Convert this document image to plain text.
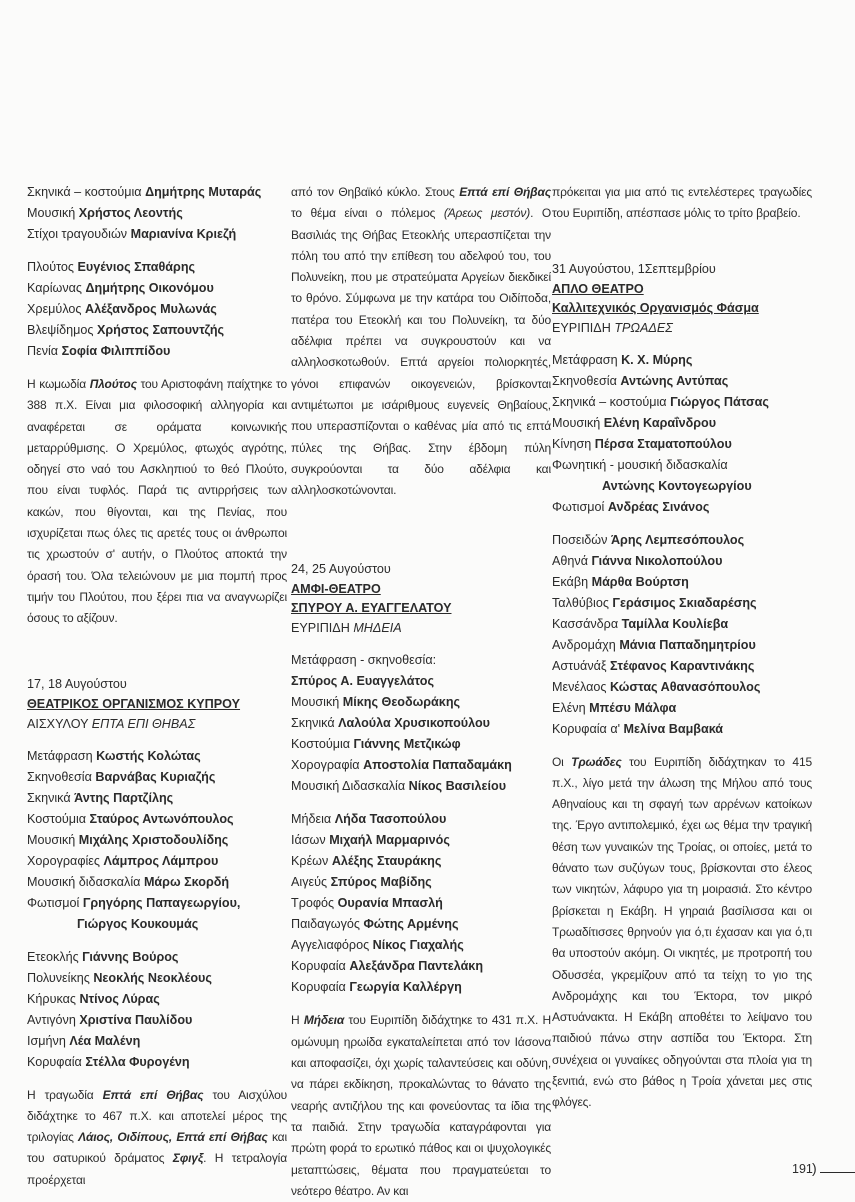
Σκηνικά – κοστούμια Δημήτρης Μυταράς
Μουσική Χρήστος Λεοντής
Στίχοι τραγουδιών Μαριανίνα Κριεζή
Πλούτος Ευγένιος Σπαθάρης
Καρίωνας Δημήτρης Οικονόμου
Χρεμύλος Αλέξανδρος Μυλωνάς
Βλεψίδημος Χρήστος Σαπουντζής
Πενία Σοφία Φιλιππίδου

Η κωμωδία Πλούτος του Αριστοφάνη παίχτηκε το 388 π.Χ. Είναι μια φιλοσοφική αλληγορία και αναφέρεται σε οράματα κοινωνικής μεταρρύθμισης. Ο Χρεμύλος, φτωχός αγρότης, οδηγεί στο ναό του Ασκληπιού το θεό Πλούτο, που είναι τυφλός. Παρά τις αντιρρήσεις των κακών, που θίγονται, και της Πενίας, που ισχυρίζεται πως όλες τις αρετές τους οι άνθρωποι τις χρωστούν σ' αυτήν, ο Πλούτος αποκτά την όρασή του. Όλα τελειώνουν με μια πομπή προς τιμήν του Πλούτου, που ξέρει πια να αναγνωρίζει όσους το αξίζουν.

17, 18 Αυγούστου
ΘΕΑΤΡΙΚΟΣ ΟΡΓΑΝΙΣΜΟΣ ΚΥΠΡΟΥ
ΑΙΣΧΥΛΟΥ ΕΠΤΑ ΕΠΙ ΘΗΒΑΣ
Μετάφραση Κωστής Κολώτας
Σκηνοθεσία Βαρνάβας Κυριαζής
Σκηνικά Άντης Παρτζίλης
Κοστούμια Σταύρος Αντωνόπουλος
Μουσική Μιχάλης Χριστοδουλίδης
Χορογραφίες Λάμπρος Λάμπρου
Μουσική διδασκαλία Μάρω Σκορδή
Φωτισμοί Γρηγόρης Παπαγεωργίου,
Γιώργος Κουκουμάς
Ετεοκλής Γιάννης Βούρος
Πολυνείκης Νεοκλής Νεοκλέους
Κήρυκας Ντίνος Λύρας
Αντιγόνη Χριστίνα Παυλίδου
Ισμήνη Λέα Μαλένη
Κορυφαία Στέλλα Φυρογένη

Η τραγωδία Επτά επί Θήβας του Αισχύλου διδάχτηκε το 467 π.Χ. και αποτελεί μέρος της τριλογίας Λάιος, Οιδίπους, Επτά επί Θήβας και του σατυρικού δράματος Σφιγξ. Η τετραλογία προέρχεται

από τον Θηβαϊκό κύκλο. Στους Επτά επί Θήβας το θέμα είναι ο πόλεμος (Άρεως μεστόν). Ο Βασιλιάς της Θήβας Ετεοκλής υπερασπίζεται την πόλη του από την επίθεση του αδελφού του, του Πολυνείκη, που με στρατεύματα Αργείων διεκδικεί το θρόνο. Σύμφωνα με την κατάρα του Οιδίποδα, πατέρα του Ετεοκλή και του Πολυνείκη, τα δύο αδέλφια πρέπει να συγκρουστούν και να αλληλοσκοτωθούν. Επτά αργείοι πολιορκητές, γόνοι επιφανών οικογενειών, βρίσκονται αντιμέτωποι με ισάριθμους ευγενείς Θηβαίους, που υπερασπίζονται ο καθένας μία από τις επτά πύλες της Θήβας. Στην έβδομη πύλη συγκρούονται τα δύο αδέλφια και αλληλοσκοτώνονται.

24, 25 Αυγούστου
ΑΜΦΙ-ΘΕΑΤΡΟ
ΣΠΥΡΟΥ Α. ΕΥΑΓΓΕΛΑΤΟΥ
ΕΥΡΙΠΙΔΗ ΜΗΔΕΙΑ
Μετάφραση - σκηνοθεσία:
Σπύρος Α. Ευαγγελάτος
Μουσική Μίκης Θεοδωράκης
Σκηνικά Λαλούλα Χρυσικοπούλου
Κοστούμια Γιάννης Μετζικώφ
Χορογραφία Αποστολία Παπαδαμάκη
Μουσική Διδασκαλία Νίκος Βασιλείου
Μήδεια Λήδα Τασοπούλου
Ιάσων Μιχαήλ Μαρμαρινός
Κρέων Αλέξης Σταυράκης
Αιγεύς Σπύρος Μαβίδης
Τροφός Ουρανία Μπασλή
Παιδαγωγός Φώτης Αρμένης
Αγγελιαφόρος Νίκος Γιαχαλής
Κορυφαία Αλεξάνδρα Παντελάκη
Κορυφαία Γεωργία Καλλέργη

Η Μήδεια του Ευριπίδη διδάχτηκε το 431 π.Χ. Η ομώνυμη ηρωίδα εγκαταλείπεται από τον Ιάσονα και αποφασίζει, όχι χωρίς ταλαντεύσεις και οδύνη, να πάρει εκδίκηση, προκαλώντας το θάνατο της νεαρής αντιζήλου της και φονεύοντας τα ίδια της τα παιδιά. Στην τραγωδία καταγράφονται για πρώτη φορά το ερωτικό πάθος και οι ψυχολογικές μεταπτώσεις, θέματα που πραγματεύεται το νεότερο θέατρο. Αν και

πρόκειται για μια από τις εντελέστερες τραγωδίες του Ευριπίδη, απέσπασε μόλις το τρίτο βραβείο.

31 Αυγούστου, 1Σεπτεμβρίου
ΑΠΛΟ ΘΕΑΤΡΟ
Καλλιτεχνικός Οργανισμός Φάσμα
ΕΥΡΙΠΙΔΗ ΤΡΩΑΔΕΣ
Μετάφραση Κ. Χ. Μύρης
Σκηνοθεσία Αντώνης Αντύπας
Σκηνικά – κοστούμια Γιώργος Πάτσας
Μουσική Ελένη Καραΐνδρου
Κίνηση Πέρσα Σταματοπούλου
Φωνητική - μουσική διδασκαλία
Αντώνης Κοντογεωργίου
Φωτισμοί Ανδρέας Σινάνος
Ποσειδών Άρης Λεμπεσόπουλος
Αθηνά Γιάννα Νικολοπούλου
Εκάβη Μάρθα Βούρτση
Ταλθύβιος Γεράσιμος Σκιαδαρέσης
Κασσάνδρα Ταμίλλα Κουλίεβα
Ανδρομάχη Μάνια Παπαδημητρίου
Αστυάνάξ Στέφανος Καραντινάκης
Μενέλαος Κώστας Αθανασόπουλος
Ελένη Μπέσυ Μάλφα
Κορυφαία α' Μελίνα Βαμβακά

Οι Τρωάδες του Ευριπίδη διδάχτηκαν το 415 π.Χ., λίγο μετά την άλωση της Μήλου από τους Αθηναίους και τη σφαγή των αρρένων κατοίκων της. Έργο αντιπολεμικό, έχει ως θέμα την τραγική θέση των γυναικών της Τροίας, οι οποίες, μετά το θάνατο των συζύγων τους, βρίσκονται στο έλεος των νικητών, λάφυρο για τη μοιρασιά. Στο κέντρο βρίσκεται η Εκάβη. Η γηραιά βασίλισσα και οι Τρωαδίτισσες θρηνούν για ό,τι έχασαν και για ό,τι θα υποστούν ακόμη. Οι νικητές, με προτροπή του Οδυσσέα, γκρεμίζουν από τα τείχη το γιο της Ανδρομάχης και του Έκτορα, τον μικρό Αστυάνακτα. Η Εκάβη αποθέτει το λείψανο του παιδιού πάνω στην ασπίδα του Έκτορα. Στη συνέχεια οι γυναίκες οδηγούνται στα πλοία για τη ξενιτιά, ενώ στο βάθος η Τροία χάνεται μες στις φλόγες.

191 )
